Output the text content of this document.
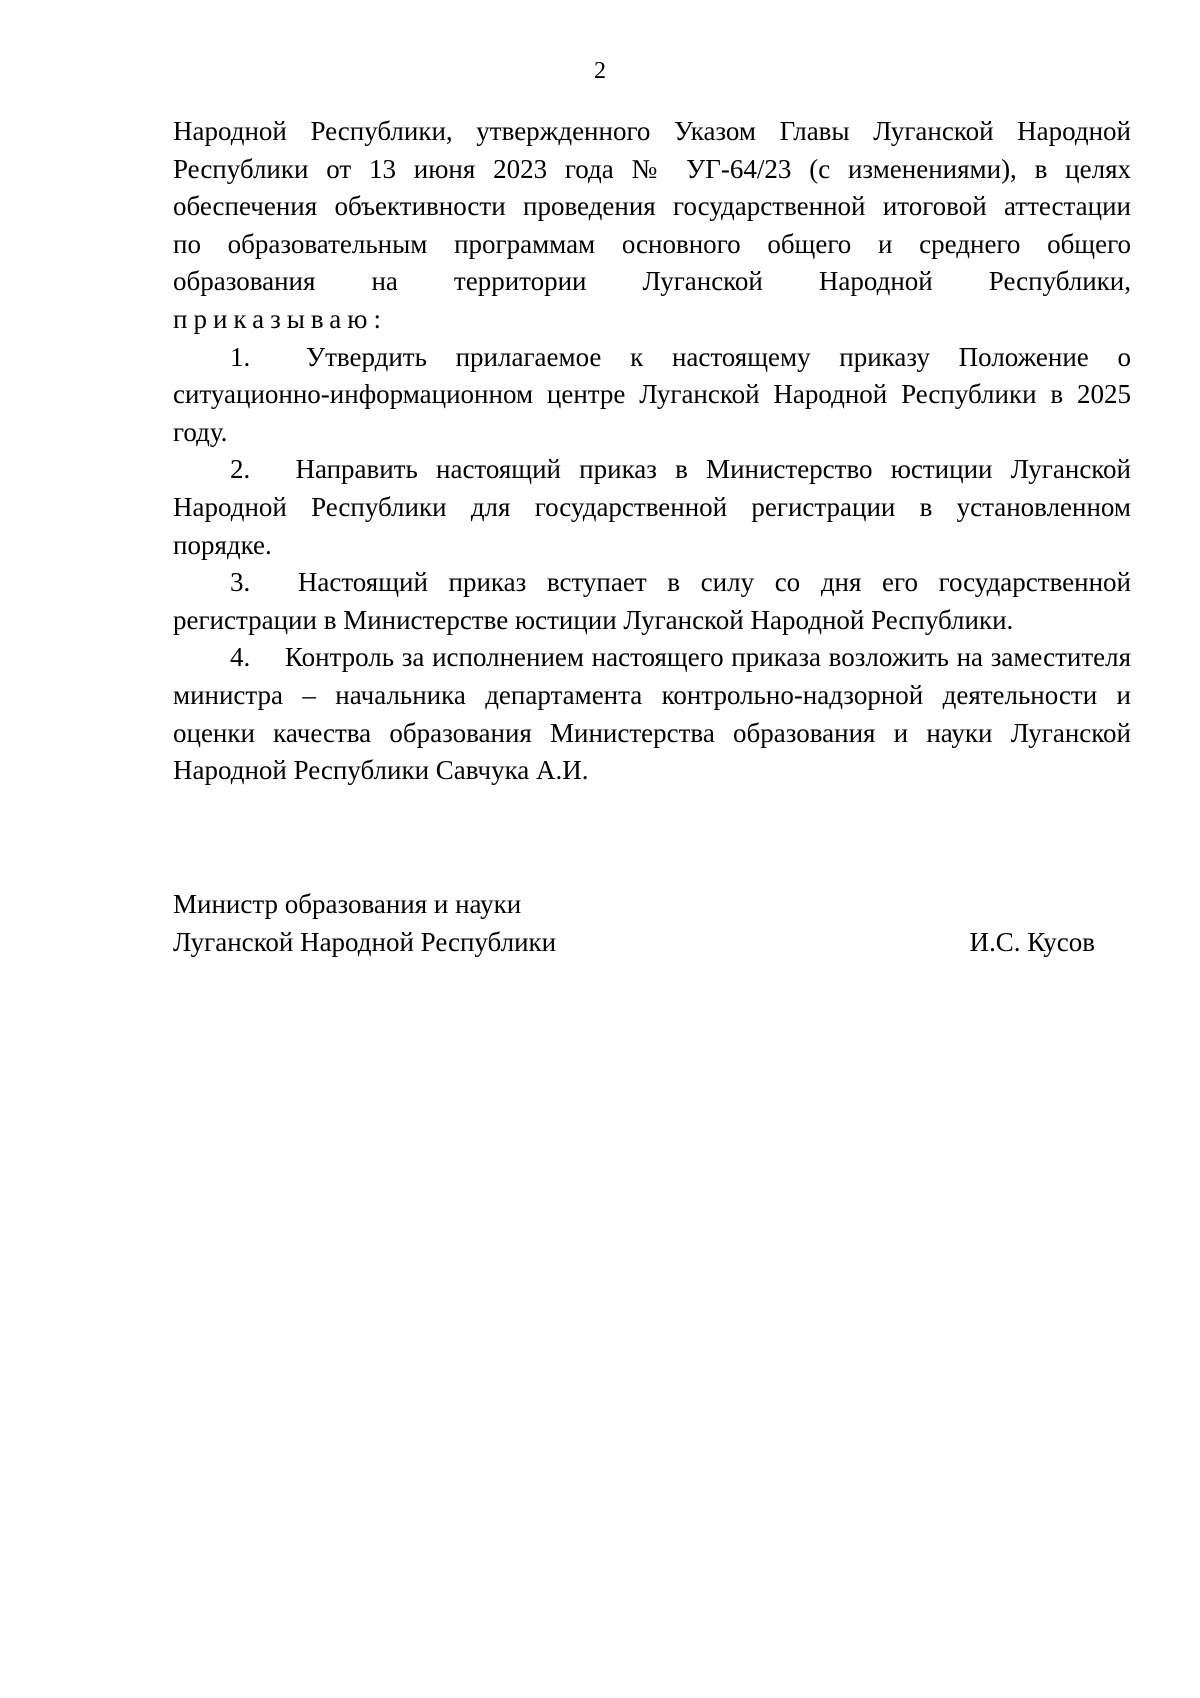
2
Народной Республики, утвержденного Указом Главы Луганской Народной
Республики от 13 июня 2023 года № УГ-64/23 (с изменениями), в целях
обеспечения объективности проведения государственной итоговой аттестации
по образовательным программам основного общего и среднего общего
образования на территории Луганской Народной Республики,
приказываю:

1.  Утвердить прилагаемое к настоящему приказу Положение о ситуационно-информационном центре Луганской Народной Республики в 2025 году.

2.  Направить настоящий приказ в Министерство юстиции Луганской Народной Республики для государственной регистрации в установленном порядке.

3.  Настоящий приказ вступает в силу со дня его государственной регистрации в Министерстве юстиции Луганской Народной Республики.

4.  Контроль за исполнением настоящего приказа возложить на заместителя министра – начальника департамента контрольно-надзорной деятельности и оценки качества образования Министерства образования и науки Луганской Народной Республики Савчука А.И.

Министр образования и науки
Луганской Народной Республики	И.С. Кусов
